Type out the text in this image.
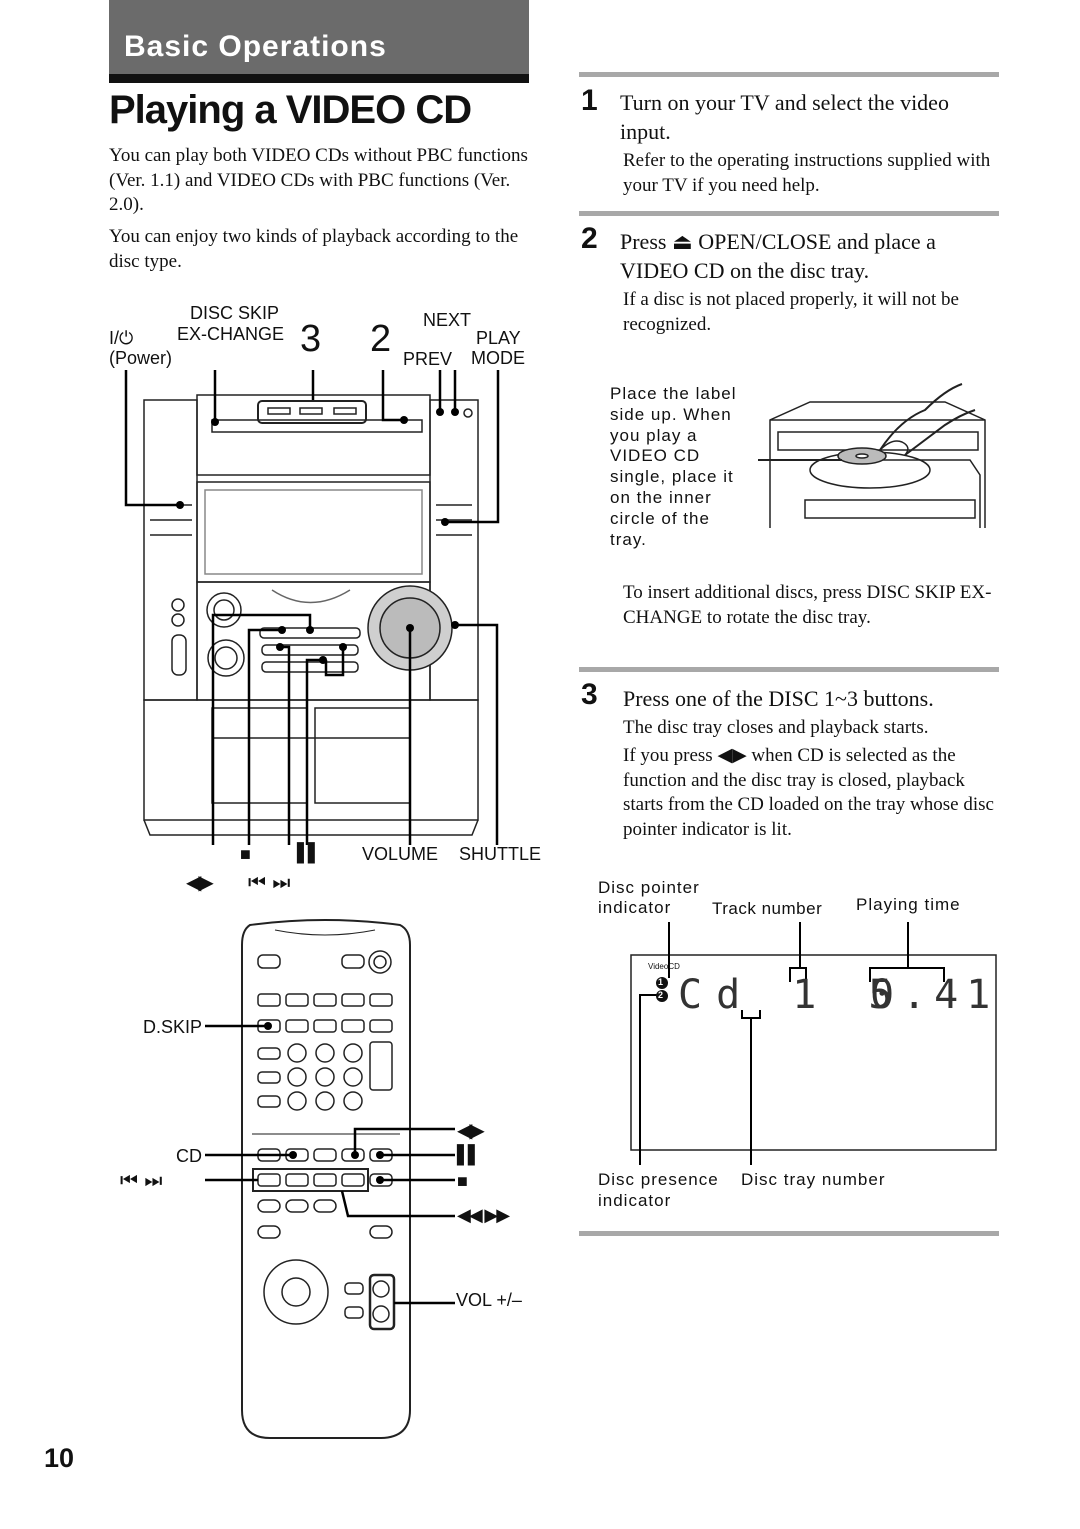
Basic Operations
Playing a VIDEO CD
You can play both VIDEO CDs without PBC functions (Ver. 1.1) and VIDEO CDs with PBC functions (Ver. 2.0).
You can enjoy two kinds of playback according to the disc type.
I/⏻
(Power)
DISC SKIP
EX-CHANGE 3 2 PREV
NEXT
PLAY
MODE
■	▌▌ VOLUME SHUTTLE
◀▶ ⏮ ⏭
D.SKIP
CD
⏮ ⏭
◀▶
▌▌
■
◀◀ ▶▶
VOL +/–
1 Turn on your TV and select the video input.
Refer to the operating instructions supplied with your TV if you need help.
2 Press ⏏ OPEN/CLOSE and place a VIDEO CD on the disc tray.
If a disc is not placed properly, it will not be recognized.
Place the label side up. When you play a VIDEO CD single, place it on the inner circle of the tray.
To insert additional discs, press DISC SKIP EX-CHANGE to rotate the disc tray.
3 Press one of the DISC 1~3 buttons.
The disc tray closes and playback starts.
If you press ◀▶ when CD is selected as the function and the disc tray is closed, playback starts from the CD loaded on the tray whose disc pointer indicator is lit.
Disc pointer
indicator Track number Playing time
VideoCD
1
2 Cd 1 5
0.41
Disc presence
indicator
Disc tray number
10
